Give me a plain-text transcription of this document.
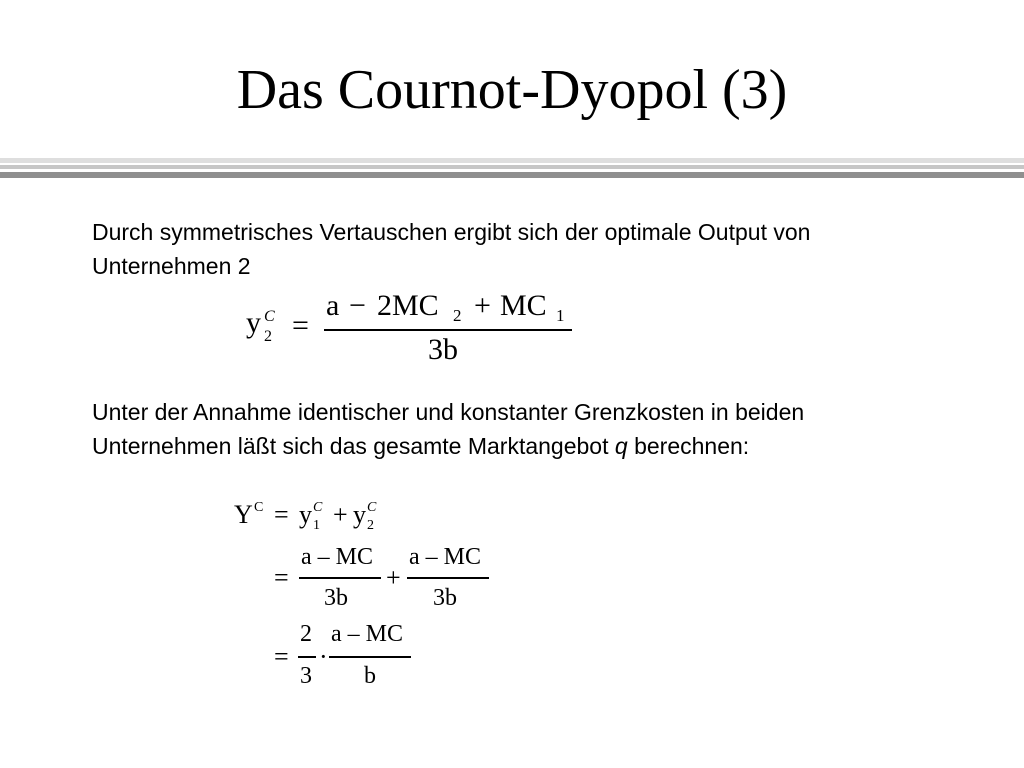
Das Cournot-Dyopol (3)
Durch symmetrisches Vertauschen ergibt sich der optimale Output von
Unternehmen 2
y C
2 =
a − 2MC 2 + MC 1
3b
Unter der Annahme identischer und konstanter Grenzkosten in beiden
Unternehmen läßt sich das gesamte Marktangebot q berechnen:
Y C = y C
1 + y C
2
=
a – MC
3b
+
a – MC
3b
=
2
3
·
a – MC
b
